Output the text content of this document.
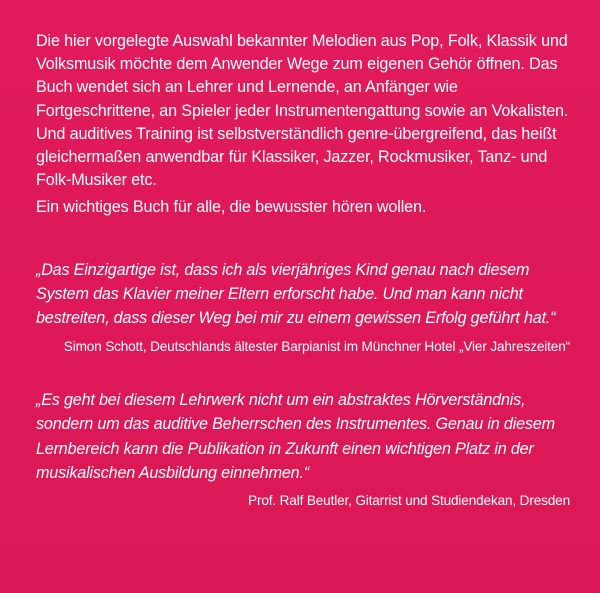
Die hier vorgelegte Auswahl bekannter Melodien aus Pop, Folk, Klassik und Volksmusik möchte dem Anwender Wege zum eigenen Gehör öffnen. Das Buch wendet sich an Lehrer und Lernende, an Anfänger wie Fortgeschrittene, an Spieler jeder Instrumentengattung sowie an Vokalisten. Und auditives Training ist selbstverständlich genre-übergreifend, das heißt gleichermaßen anwendbar für Klassiker, Jazzer, Rockmusiker, Tanz- und Folk-Musiker etc.

Ein wichtiges Buch für alle, die bewusster hören wollen.

„Das Einzigartige ist, dass ich als vierjähriges Kind genau nach diesem System das Klavier meiner Eltern erforscht habe. Und man kann nicht bestreiten, dass dieser Weg bei mir zu einem gewissen Erfolg geführt hat.“
Simon Schott, Deutschlands ältester Barpianist im Münchner Hotel „Vier Jahreszeiten“
„Es geht bei diesem Lehrwerk nicht um ein abstraktes Hörverständnis, sondern um das auditive Beherrschen des Instrumentes. Genau in diesem Lernbereich kann die Publikation in Zukunft einen wichtigen Platz in der musikalischen Ausbildung einnehmen.“
Prof. Ralf Beutler, Gitarrist und Studiendekan, Dresden
